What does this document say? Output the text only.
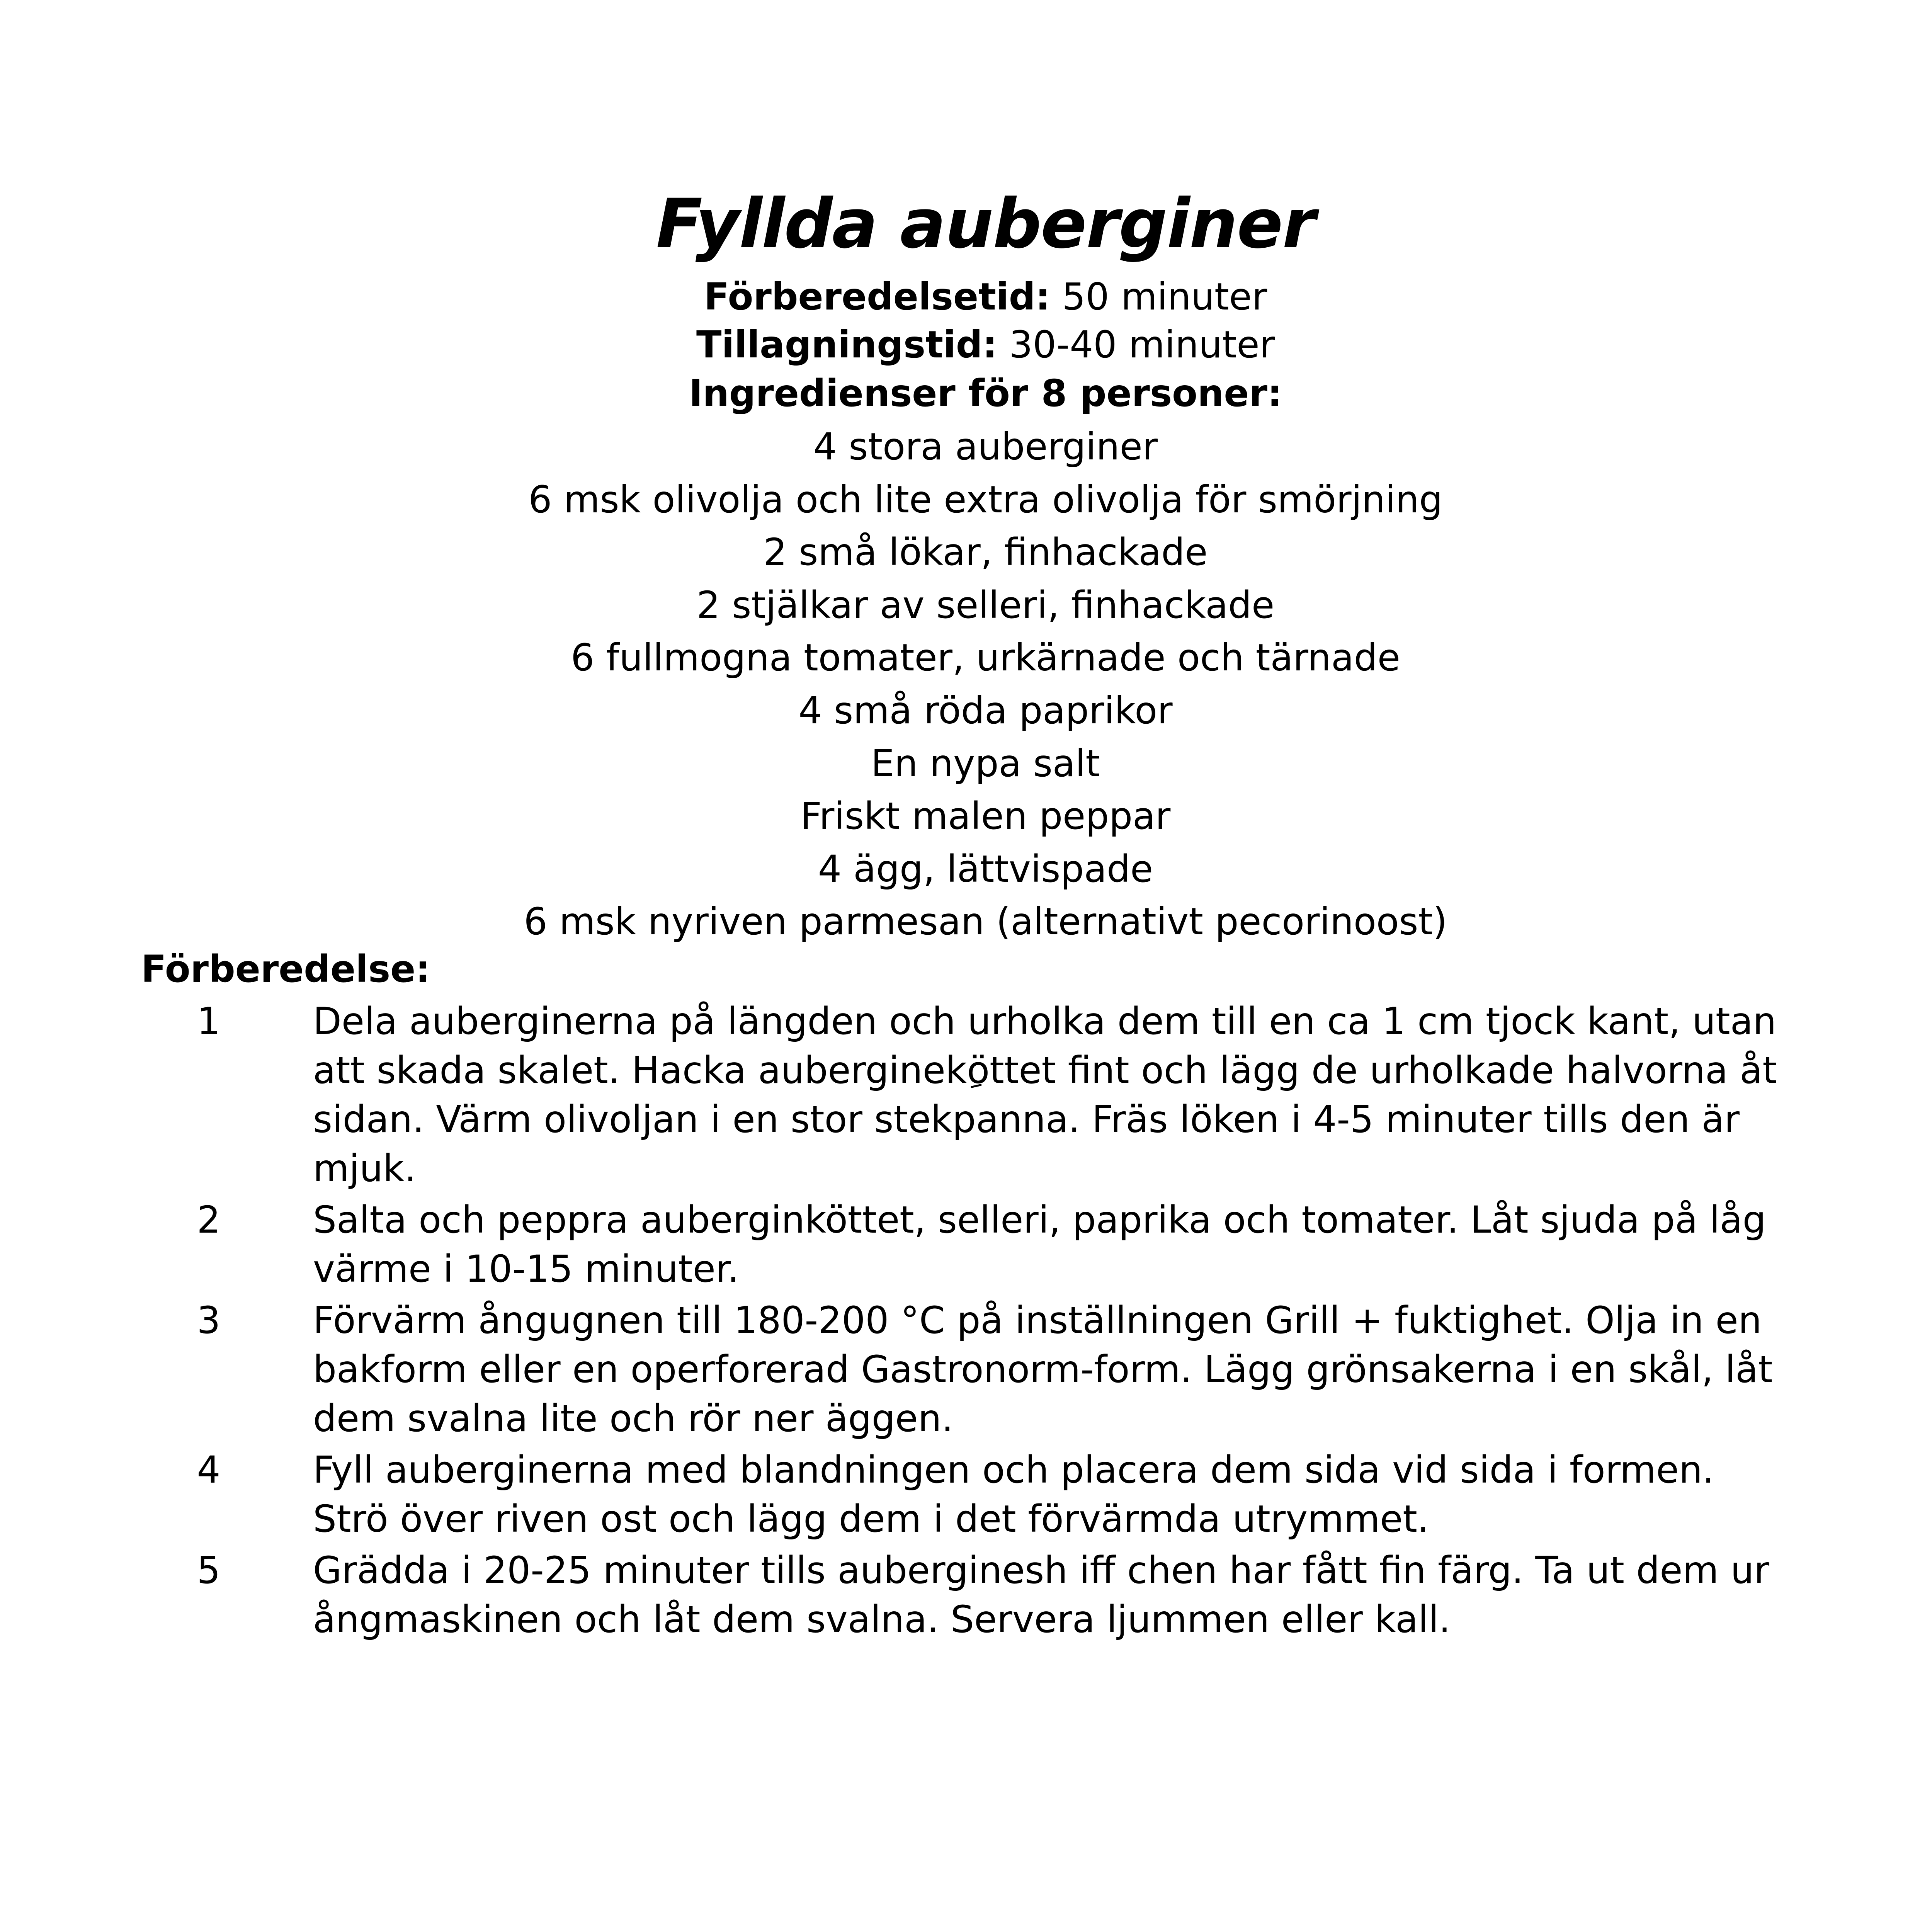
Fyllda auberginer
Förberedelsetid: 50 minuter
Tillagningstid: 30-40 minuter
Ingredienser för 8 personer:
4 stora auberginer
6 msk olivolja och lite extra olivolja för smörjning
2 små lökar, finhackade
2 stjälkar av selleri, finhackade
6 fullmogna tomater, urkärnade och tärnade
4 små röda paprikor
En nypa salt
Friskt malen peppar
4 ägg, lättvispade
6 msk nyriven parmesan (alternativt pecorinoost)
Förberedelse:
1 Dela auberginerna på längden och urholka dem till en ca 1 cm tjock kant, utan att skada skalet. Hacka auberginekِöttet fint och lägg de urholkade halvorna åt sidan. Värm olivoljan i en stor stekpanna. Fräs löken i 4-5 minuter tills den är mjuk.
2 Salta och peppra auberginköttet, selleri, paprika och tomater. Låt sjuda på låg värme i 10-15 minuter.
3 Förvärm ångugnen till 180-200 °C på inställningen Grill + fuktighet. Olja in en bakform eller en operforerad Gastronorm-form. Lägg grönsakerna i en skål, låt dem svalna lite och rör ner äggen.
4 Fyll auberginerna med blandningen och placera dem sida vid sida i formen. Strö över riven ost och lägg dem i det förvärmda utrymmet.
5 Grädda i 20-25 minuter tills auberginesh iff chen har fått fin färg. Ta ut dem ur ångmaskinen och låt dem svalna. Servera ljummen eller kall.
